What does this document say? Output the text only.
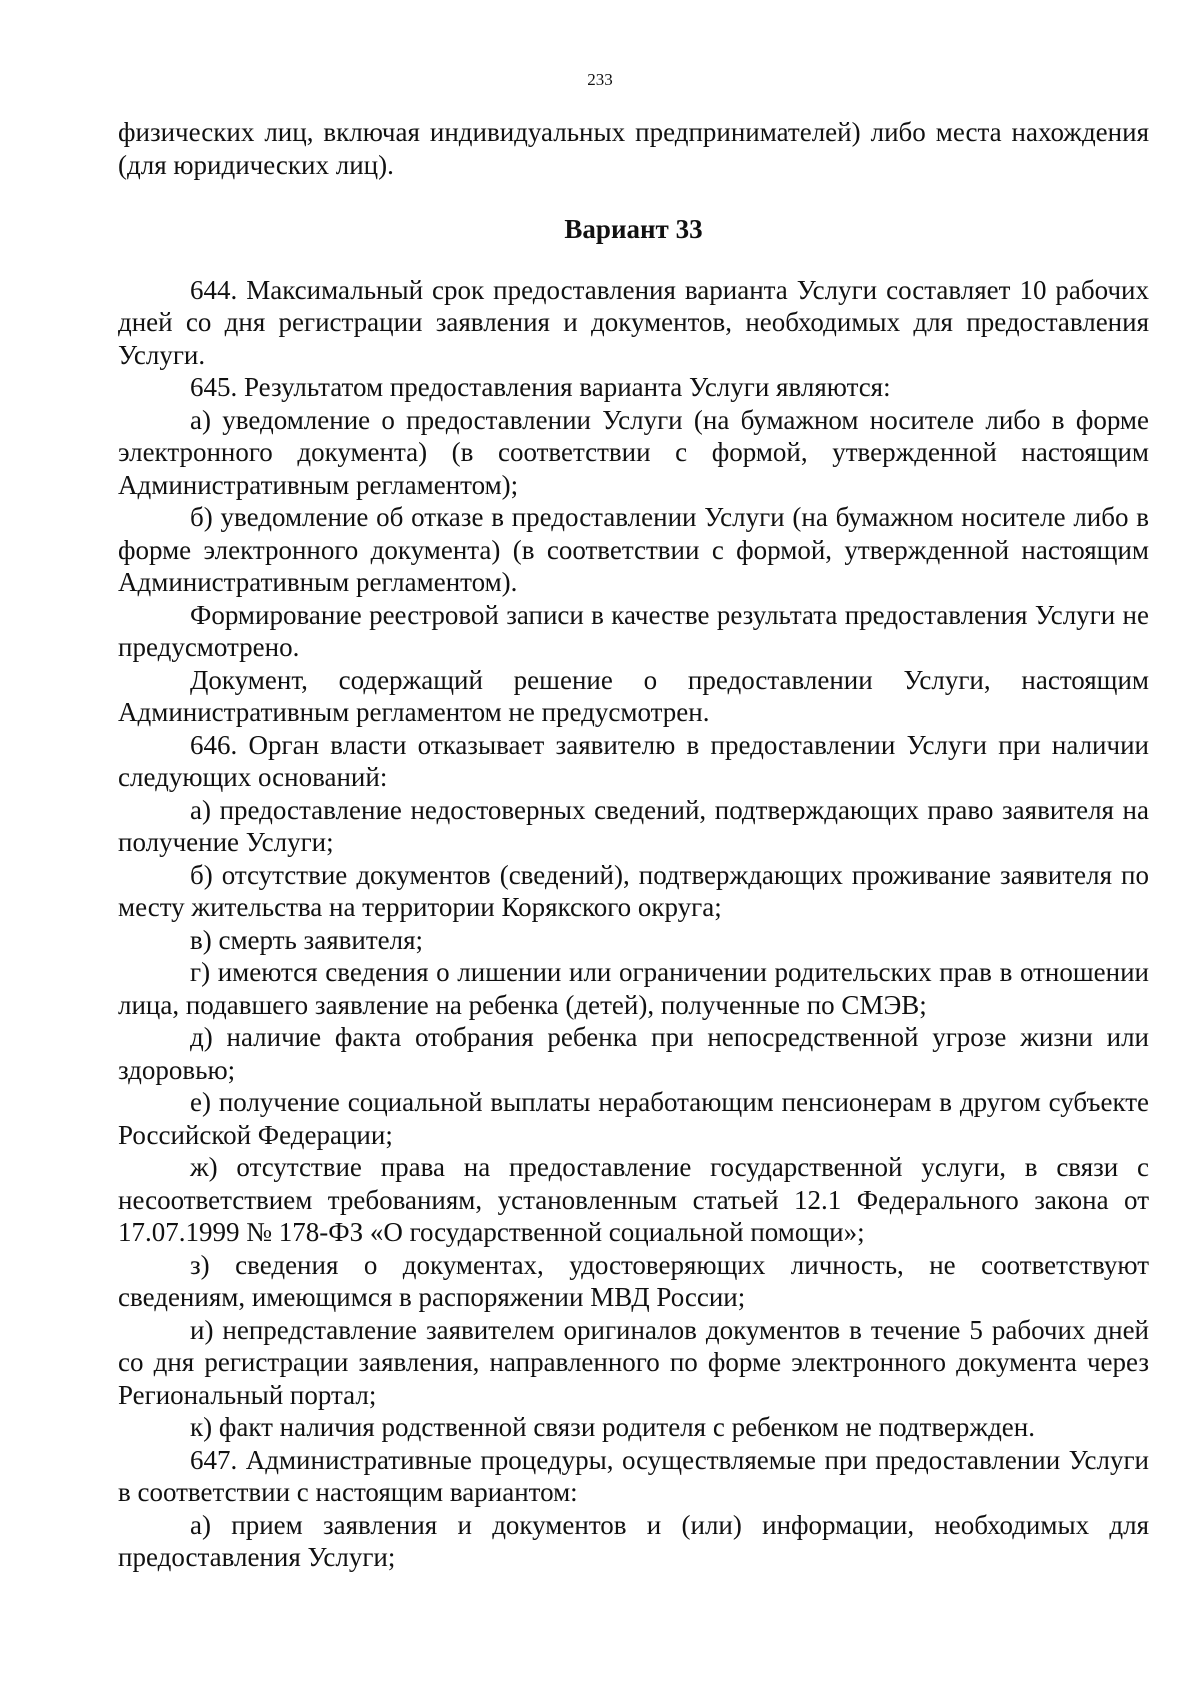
233

физических лиц, включая индивидуальных предпринимателей) либо места нахождения (для юридических лиц).

Вариант 33

644. Максимальный срок предоставления варианта Услуги составляет 10 рабочих дней со дня регистрации заявления и документов, необходимых для предоставления Услуги.

645. Результатом предоставления варианта Услуги являются:

а) уведомление о предоставлении Услуги (на бумажном носителе либо в форме электронного документа) (в соответствии с формой, утвержденной настоящим Административным регламентом);

б) уведомление об отказе в предоставлении Услуги (на бумажном носителе либо в форме электронного документа) (в соответствии с формой, утвержденной настоящим Административным регламентом).

Формирование реестровой записи в качестве результата предоставления Услуги не предусмотрено.

Документ, содержащий решение о предоставлении Услуги, настоящим Административным регламентом не предусмотрен.

646. Орган власти отказывает заявителю в предоставлении Услуги при наличии следующих оснований:

а) предоставление недостоверных сведений, подтверждающих право заявителя на получение Услуги;

б) отсутствие документов (сведений), подтверждающих проживание заявителя по месту жительства на территории Корякского округа;

в) смерть заявителя;

г) имеются сведения о лишении или ограничении родительских прав в отношении лица, подавшего заявление на ребенка (детей), полученные по СМЭВ;

д) наличие факта отобрания ребенка при непосредственной угрозе жизни или здоровью;

е) получение социальной выплаты неработающим пенсионерам в другом субъекте Российской Федерации;

ж) отсутствие права на предоставление государственной услуги, в связи с несоответствием требованиям, установленным статьей 12.1 Федерального закона от 17.07.1999 № 178-ФЗ «О государственной социальной помощи»;

з) сведения о документах, удостоверяющих личность, не соответствуют сведениям, имеющимся в распоряжении МВД России;

и) непредставление заявителем оригиналов документов в течение 5 рабочих дней со дня регистрации заявления, направленного по форме электронного документа через Региональный портал;

к) факт наличия родственной связи родителя с ребенком не подтвержден.

647. Административные процедуры, осуществляемые при предоставлении Услуги в соответствии с настоящим вариантом:

а) прием заявления и документов и (или) информации, необходимых для предоставления Услуги;
